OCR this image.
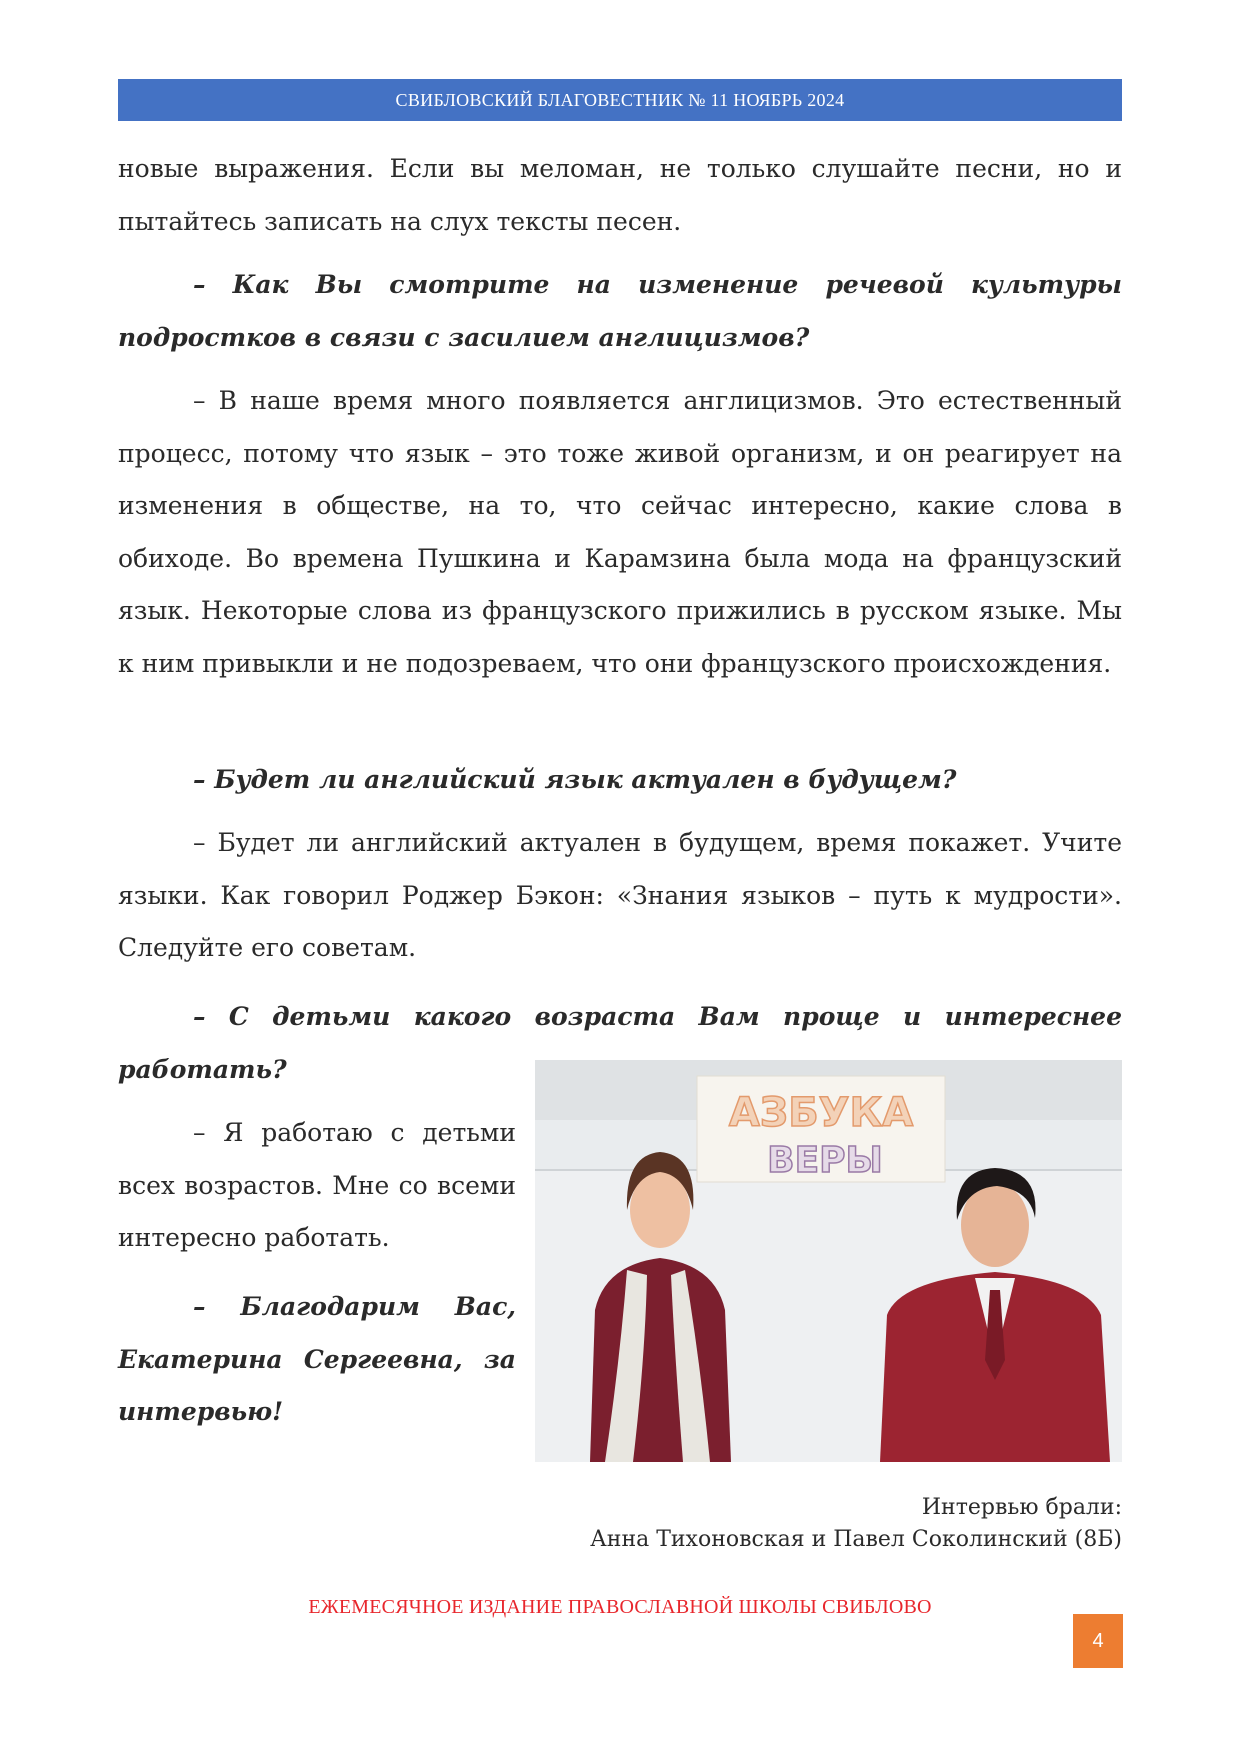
СВИБЛОВСКИЙ БЛАГОВЕСТНИК № 11 НОЯБРЬ 2024

новые выражения. Если вы меломан, не только слушайте песни, но и пытайтесь записать на слух тексты песен.

– Как Вы смотрите на изменение речевой культуры подростков в связи с засилием англицизмов?

– В наше время много появляется англицизмов. Это естественный процесс, потому что язык – это тоже живой организм, и он реагирует на изменения в обществе, на то, что сейчас интересно, какие слова в обиходе. Во времена Пушкина и Карамзина была мода на французский язык. Некоторые слова из французского прижились в русском языке. Мы к ним привыкли и не подозреваем, что они французского происхождения.

– Будет ли английский язык актуален в будущем?

– Будет ли английский актуален в будущем, время покажет. Учите языки. Как говорил Роджер Бэкон: «Знания языков – путь к мудрости». Следуйте его советам.

– С детьми какого возраста Вам проще и интереснее работать?

– Я работаю с детьми всех возрастов. Мне со всеми интересно работать.

– Благодарим Вас, Екатерина Сергеевна, за интервью!

АЗБУКА
ВЕРЫ
Интервью брали:
Анна Тихоновская и Павел Соколинский (8Б)
ЕЖЕМЕСЯЧНОЕ ИЗДАНИЕ ПРАВОСЛАВНОЙ ШКОЛЫ СВИБЛОВО
4
